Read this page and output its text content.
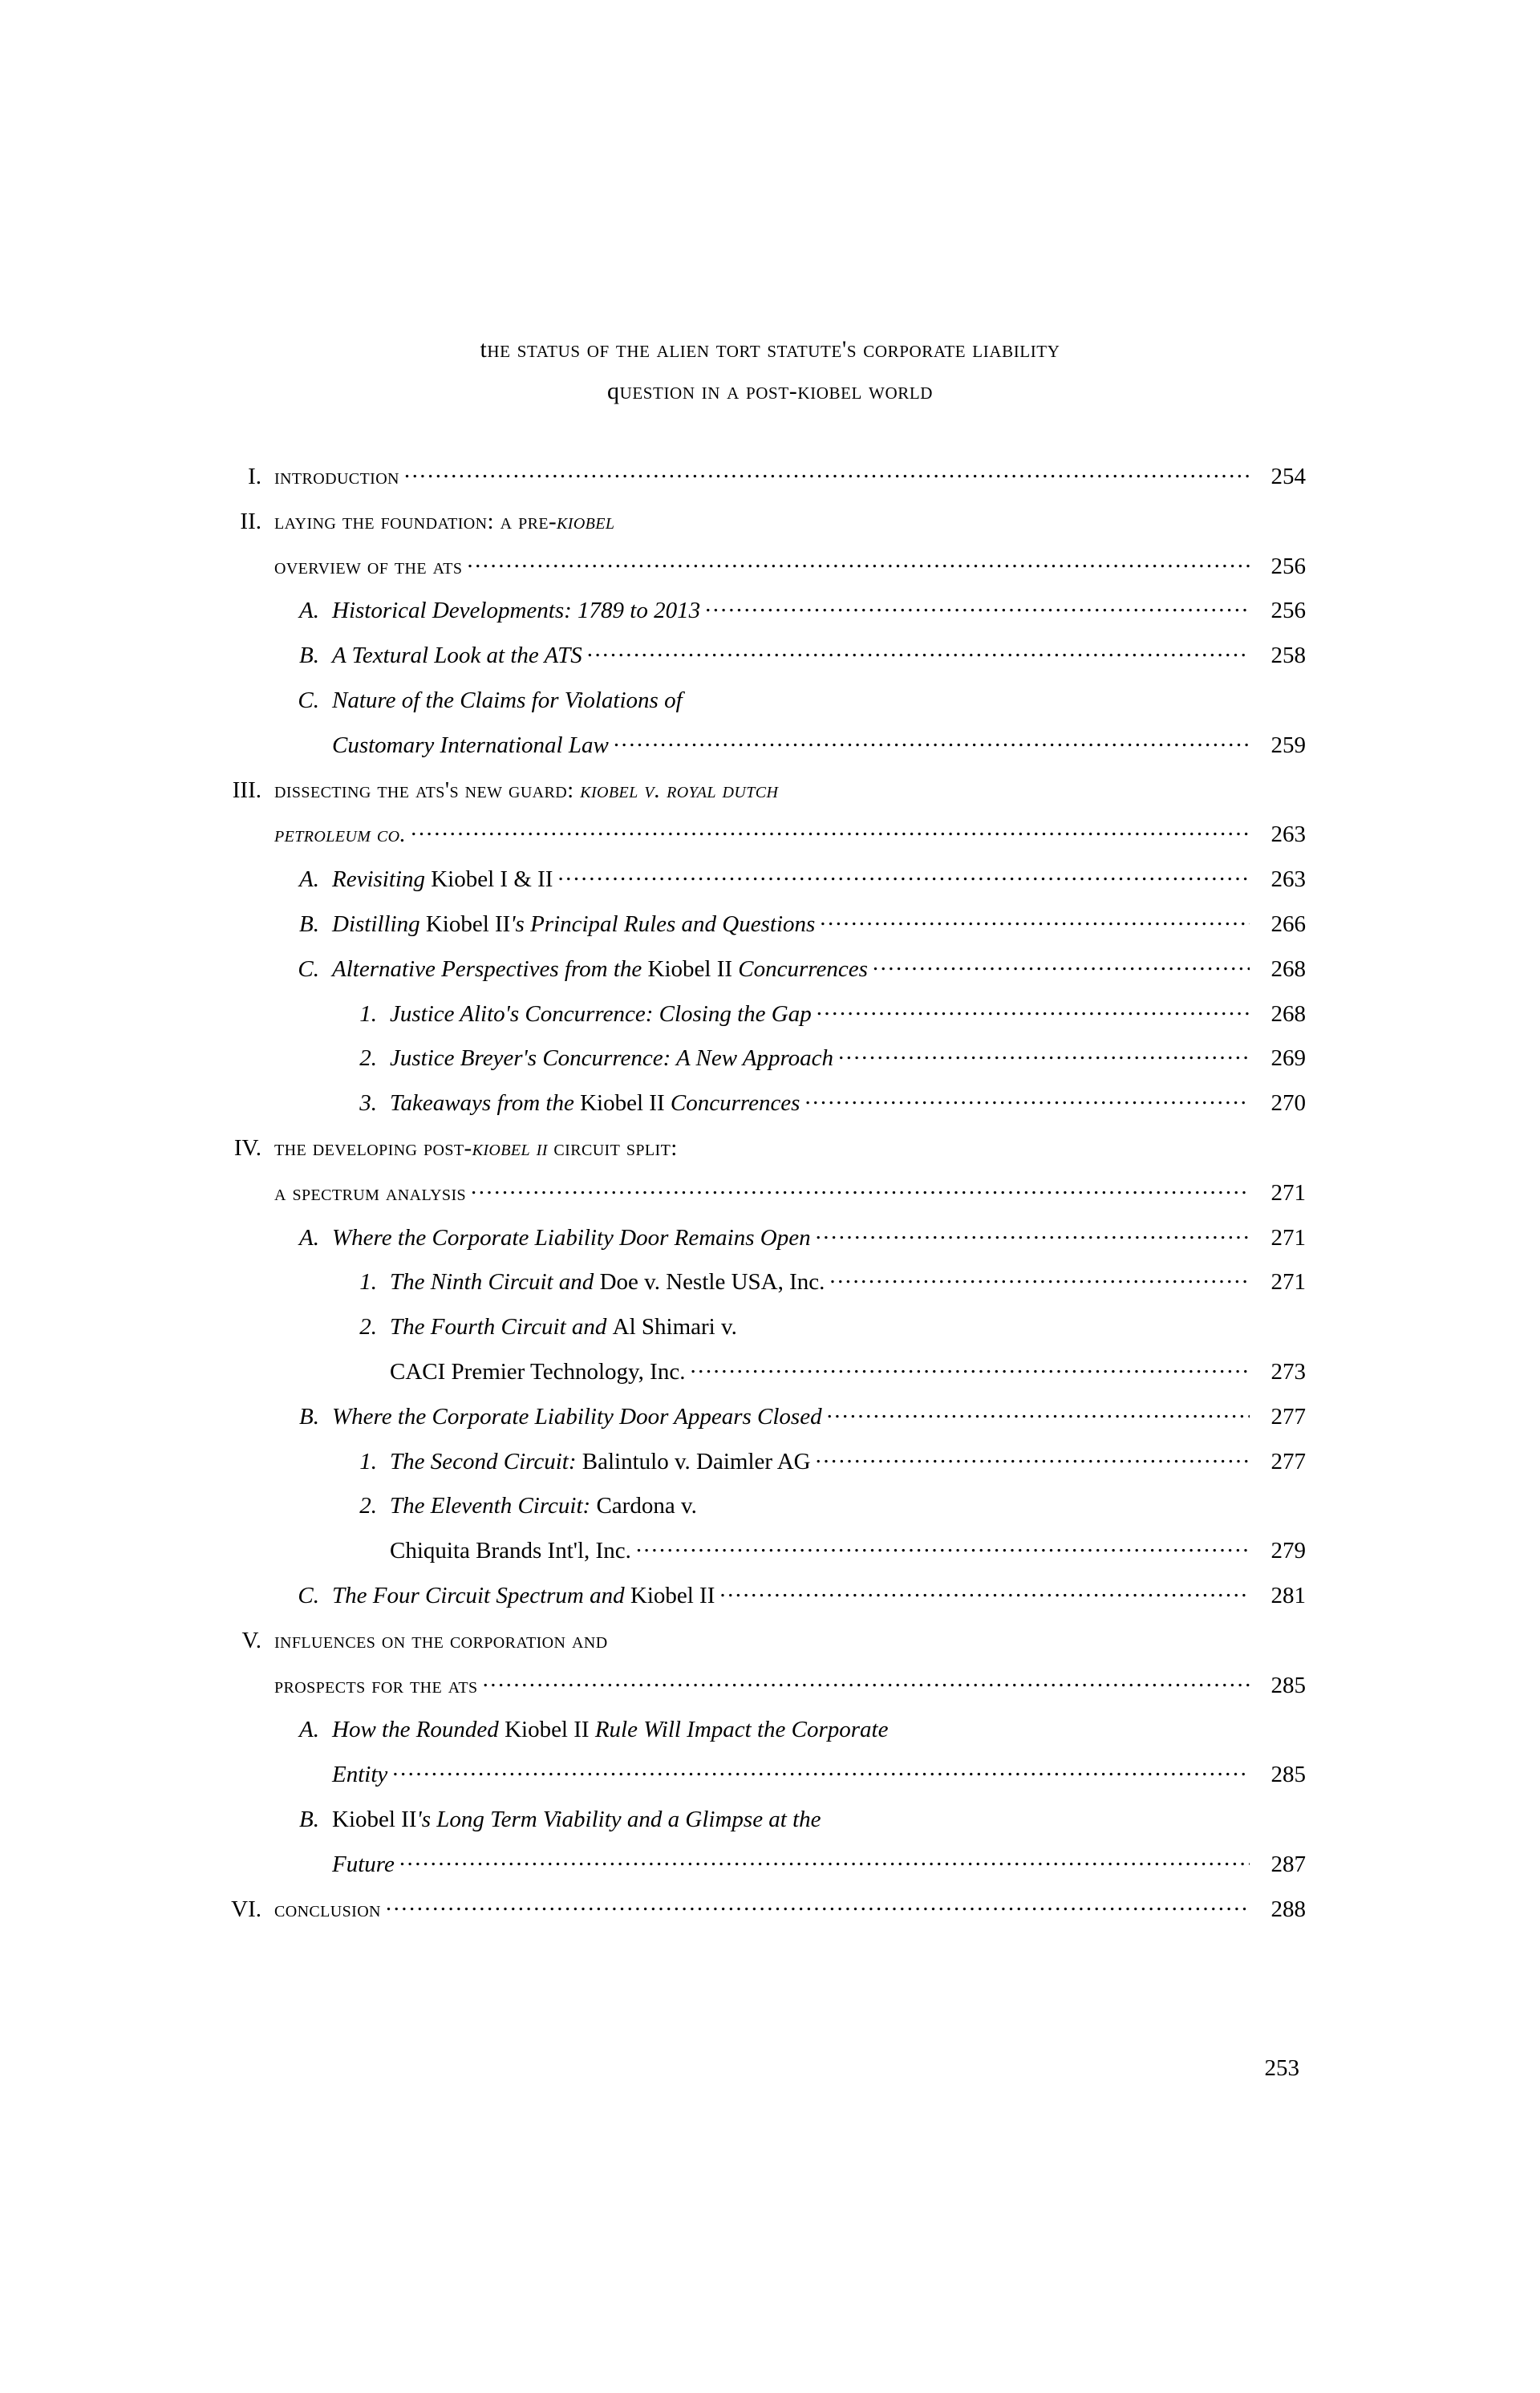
the status of the alien tort statute's corporate liability
question in a post-kiobel world
I. introduction . . .	254
II. laying the foundation: a pre-kiobel
overview of the ats . . .	256
A. Historical Developments: 1789 to 2013 . . .	256
B. A Textural Look at the ATS . . .	258
C. Nature of the Claims for Violations of
Customary International Law . . .	259
III. dissecting the ats's new guard: kiobel v. royal dutch
petroleum co. . . .	263
A. Revisiting Kiobel I & II . . .	263
B. Distilling Kiobel II's Principal Rules and Questions . . .	266
C. Alternative Perspectives from the Kiobel II Concurrences . . .	268
1. Justice Alito's Concurrence: Closing the Gap . . .	268
2. Justice Breyer's Concurrence: A New Approach . . .	269
3. Takeaways from the Kiobel II Concurrences . . .	270
IV. the developing post-kiobel ii circuit split:
a spectrum analysis . . .	271
A. Where the Corporate Liability Door Remains Open . . .	271
1. The Ninth Circuit and Doe v. Nestle USA, Inc. . . .	271
2. The Fourth Circuit and Al Shimari v.
CACI Premier Technology, Inc. . . .	273
B. Where the Corporate Liability Door Appears Closed . . .	277
1. The Second Circuit: Balintulo v. Daimler AG . . .	277
2. The Eleventh Circuit: Cardona v.
Chiquita Brands Int'l, Inc. . . .	279
C. The Four Circuit Spectrum and Kiobel II . . .	281
V. influences on the corporation and
prospects for the ats . . .	285
A. How the Rounded Kiobel II Rule Will Impact the Corporate
Entity . . .	285
B. Kiobel II's Long Term Viability and a Glimpse at the
Future . . .	287
VI. conclusion . . .	288
253
